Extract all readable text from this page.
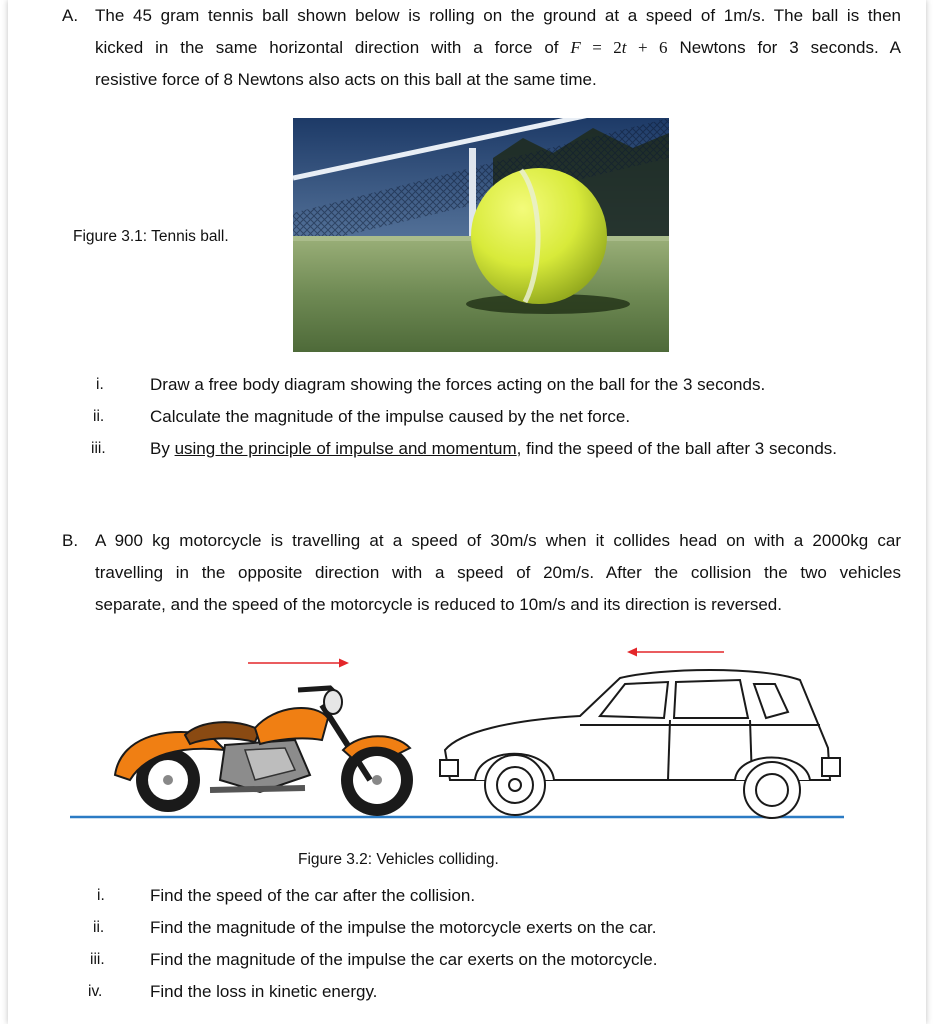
A. The 45 gram tennis ball shown below is rolling on the ground at a speed of 1m/s. The ball is then
kicked in the same horizontal direction with a force of F = 2t + 6 Newtons for 3 seconds. A
resistive force of 8 Newtons also acts on this ball at the same time.
Figure 3.1: Tennis ball.
i.	Draw a free body diagram showing the forces acting on the ball for the 3 seconds.
ii.	Calculate the magnitude of the impulse caused by the net force.
iii.	By using the principle of impulse and momentum, find the speed of the ball after 3 seconds.
B. A 900 kg motorcycle is travelling at a speed of 30m/s when it collides head on with a 2000kg car
travelling in the opposite direction with a speed of 20m/s. After the collision the two vehicles
separate, and the speed of the motorcycle is reduced to 10m/s and its direction is reversed.
Figure 3.2: Vehicles colliding.
i.	Find the speed of the car after the collision.
ii.	Find the magnitude of the impulse the motorcycle exerts on the car.
iii.	Find the magnitude of the impulse the car exerts on the motorcycle.
iv.	Find the loss in kinetic energy.
